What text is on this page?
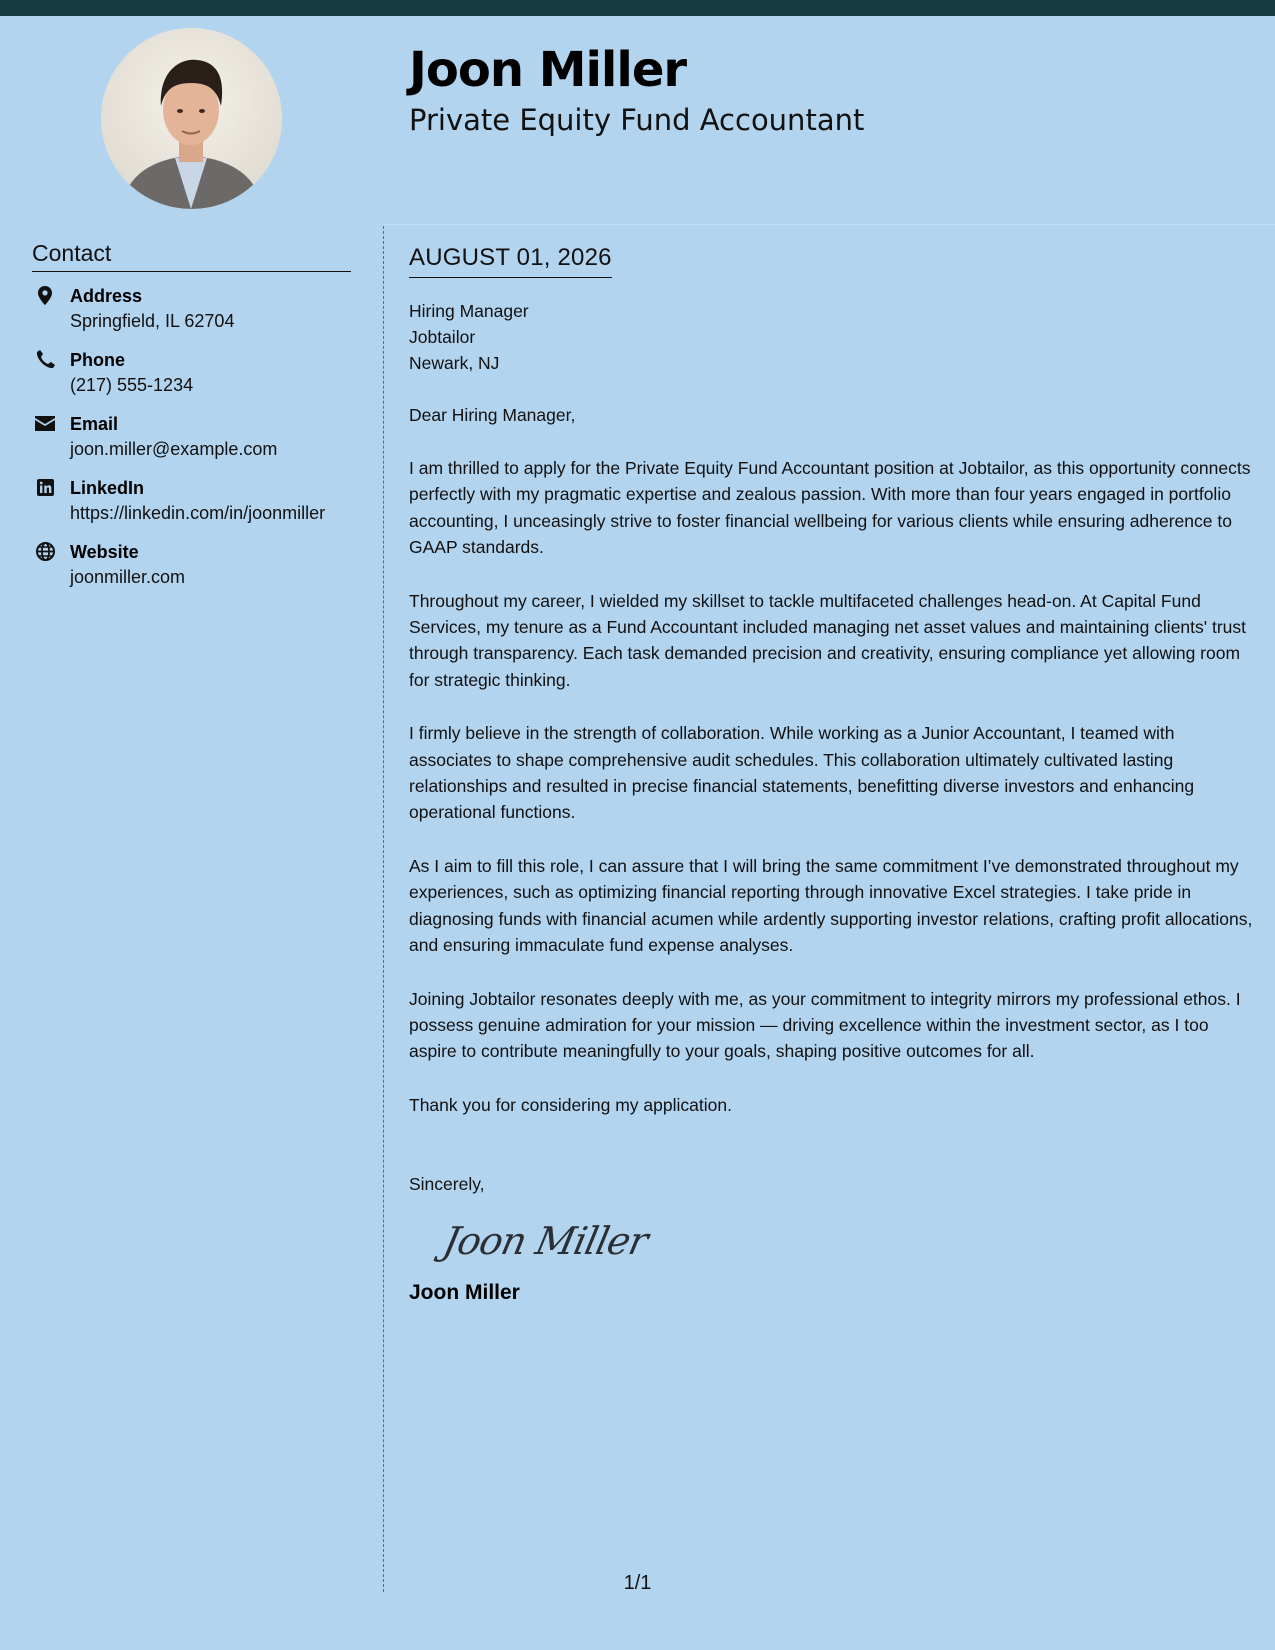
Joon Miller
Private Equity Fund Accountant
Contact
Address
Springfield, IL 62704
Phone
(217) 555-1234
Email
joon.miller@example.com
LinkedIn
https://linkedin.com/in/joonmiller
Website
joonmiller.com
AUGUST 01, 2026
Hiring Manager
Jobtailor
Newark, NJ
Dear Hiring Manager,
I am thrilled to apply for the Private Equity Fund Accountant position at Jobtailor, as this opportunity connects perfectly with my pragmatic expertise and zealous passion. With more than four years engaged in portfolio accounting, I unceasingly strive to foster financial wellbeing for various clients while ensuring adherence to GAAP standards.
Throughout my career, I wielded my skillset to tackle multifaceted challenges head-on. At Capital Fund Services, my tenure as a Fund Accountant included managing net asset values and maintaining clients' trust through transparency. Each task demanded precision and creativity, ensuring compliance yet allowing room for strategic thinking.
I firmly believe in the strength of collaboration. While working as a Junior Accountant, I teamed with associates to shape comprehensive audit schedules. This collaboration ultimately cultivated lasting relationships and resulted in precise financial statements, benefitting diverse investors and enhancing operational functions.
As I aim to fill this role, I can assure that I will bring the same commitment I’ve demonstrated throughout my experiences, such as optimizing financial reporting through innovative Excel strategies. I take pride in diagnosing funds with financial acumen while ardently supporting investor relations, crafting profit allocations, and ensuring immaculate fund expense analyses.
Joining Jobtailor resonates deeply with me, as your commitment to integrity mirrors my professional ethos. I possess genuine admiration for your mission — driving excellence within the investment sector, as I too aspire to contribute meaningfully to your goals, shaping positive outcomes for all.
Thank you for considering my application.
Sincerely,
Joon Miller
Joon Miller
1/1
